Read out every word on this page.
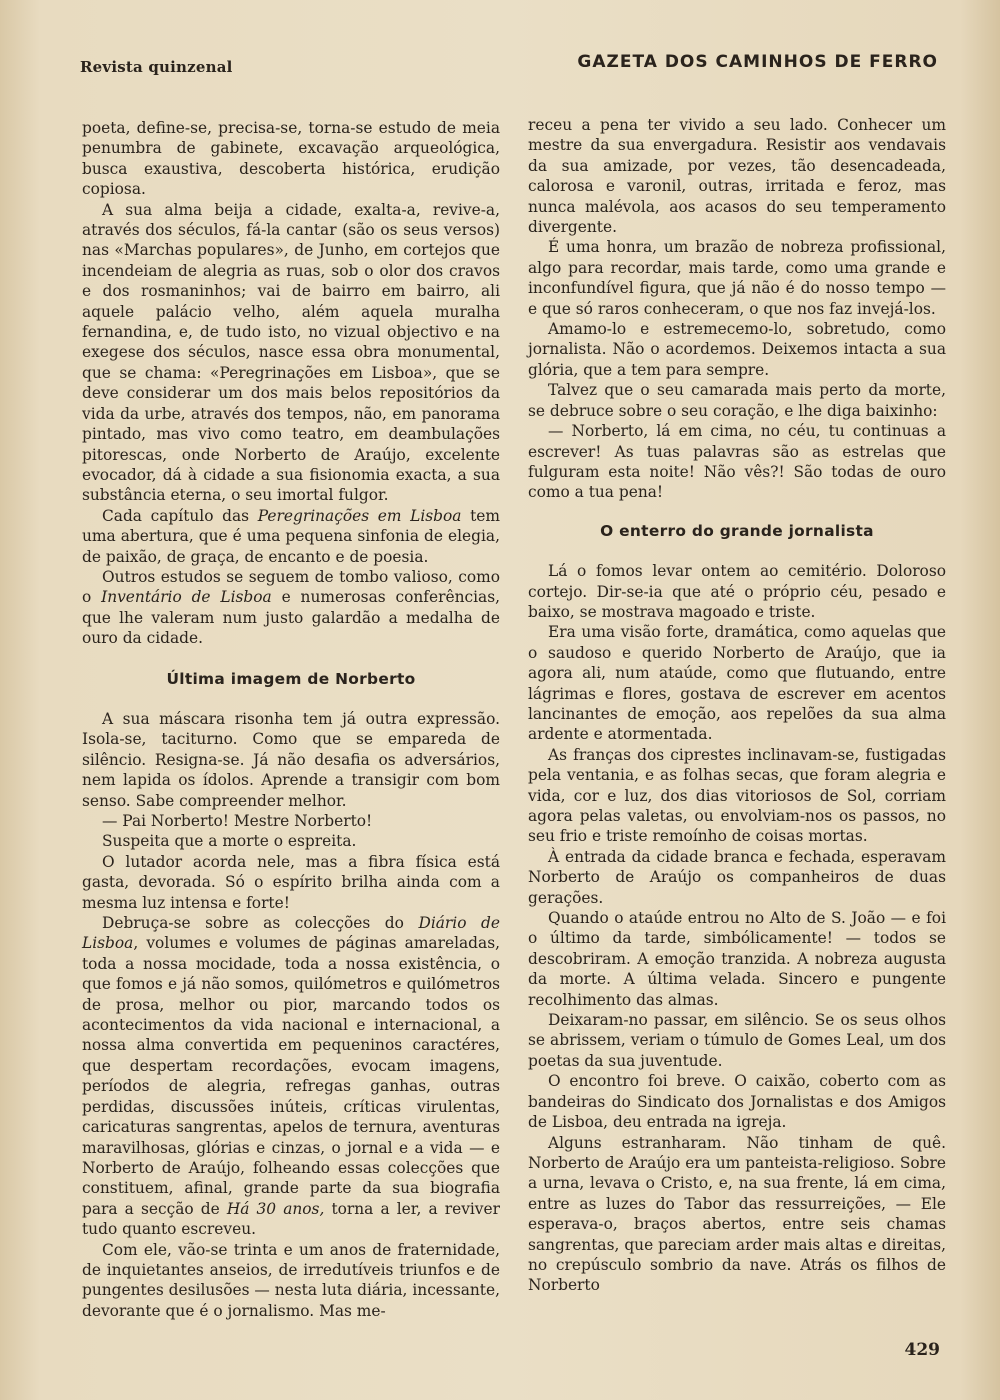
Revista quinzenal	GAZETA DOS CAMINHOS DE FERRO

poeta, define-se, precisa-se, torna-se estudo de meia penumbra de gabinete, excavação arqueológica, busca exaustiva, descoberta histórica, erudição copiosa.

A sua alma beija a cidade, exalta-a, revive-a, através dos séculos, fá-la cantar (são os seus versos) nas «Marchas populares», de Junho, em cortejos que incendeiam de alegria as ruas, sob o olor dos cravos e dos rosmaninhos; vai de bairro em bairro, ali aquele palácio velho, além aquela muralha fernandina, e, de tudo isto, no vizual objectivo e na exegese dos séculos, nasce essa obra monumental, que se chama: «Peregrinações em Lisboa», que se deve considerar um dos mais belos repositórios da vida da urbe, através dos tempos, não, em panorama pintado, mas vivo como teatro, em deambulações pitorescas, onde Norberto de Araújo, excelente evocador, dá à cidade a sua fisionomia exacta, a sua substância eterna, o seu imortal fulgor.

Cada capítulo das Peregrinações em Lisboa tem uma abertura, que é uma pequena sinfonia de elegia, de paixão, de graça, de encanto e de poesia.

Outros estudos se seguem de tombo valioso, como o Inventário de Lisboa e numerosas conferências, que lhe valeram num justo galardão a medalha de ouro da cidade.

Última imagem de Norberto

A sua máscara risonha tem já outra expressão. Isola-se, taciturno. Como que se empareda de silêncio. Resigna-se. Já não desafia os adversários, nem lapida os ídolos. Aprende a transigir com bom senso. Sabe compreender melhor.

— Pai Norberto! Mestre Norberto!

Suspeita que a morte o espreita.

O lutador acorda nele, mas a fibra física está gasta, devorada. Só o espírito brilha ainda com a mesma luz intensa e forte!

Debruça-se sobre as colecções do Diário de Lisboa, volumes e volumes de páginas amareladas, toda a nossa mocidade, toda a nossa existência, o que fomos e já não somos, quilómetros e quilómetros de prosa, melhor ou pior, marcando todos os acontecimentos da vida nacional e internacional, a nossa alma convertida em pequeninos caractéres, que despertam recordações, evocam imagens, períodos de alegria, refregas ganhas, outras perdidas, discussões inúteis, críticas virulentas, caricaturas sangrentas, apelos de ternura, aventuras maravilhosas, glórias e cinzas, o jornal e a vida — e Norberto de Araújo, folheando essas colecções que constituem, afinal, grande parte da sua biografia para a secção de Há 30 anos, torna a ler, a reviver tudo quanto escreveu.

Com ele, vão-se trinta e um anos de fraternidade, de inquietantes anseios, de irredutíveis triunfos e de pungentes desilusões — nesta luta diária, incessante, devorante que é o jornalismo. Mas me-

receu a pena ter vivido a seu lado. Conhecer um mestre da sua envergadura. Resistir aos vendavais da sua amizade, por vezes, tão desencadeada, calorosa e varonil, outras, irritada e feroz, mas nunca malévola, aos acasos do seu temperamento divergente.

É uma honra, um brazão de nobreza profissional, algo para recordar, mais tarde, como uma grande e inconfundível figura, que já não é do nosso tempo — e que só raros conheceram, o que nos faz invejá-los.

Amamo-lo e estremecemo-lo, sobretudo, como jornalista. Não o acordemos. Deixemos intacta a sua glória, que a tem para sempre.

Talvez que o seu camarada mais perto da morte, se debruce sobre o seu coração, e lhe diga baixinho:

— Norberto, lá em cima, no céu, tu continuas a escrever! As tuas palavras são as estrelas que fulguram esta noite! Não vês?! São todas de ouro como a tua pena!

O enterro do grande jornalista

Lá o fomos levar ontem ao cemitério. Doloroso cortejo. Dir-se-ia que até o próprio céu, pesado e baixo, se mostrava magoado e triste.

Era uma visão forte, dramática, como aquelas que o saudoso e querido Norberto de Araújo, que ia agora ali, num ataúde, como que flutuando, entre lágrimas e flores, gostava de escrever em acentos lancinantes de emoção, aos repelões da sua alma ardente e atormentada.

As franças dos ciprestes inclinavam-se, fustigadas pela ventania, e as folhas secas, que foram alegria e vida, cor e luz, dos dias vitoriosos de Sol, corriam agora pelas valetas, ou envolviam-nos os passos, no seu frio e triste remoínho de coisas mortas.

À entrada da cidade branca e fechada, esperavam Norberto de Araújo os companheiros de duas gerações.

Quando o ataúde entrou no Alto de S. João — e foi o último da tarde, simbólicamente! — todos se descobriram. A emoção tranzida. A nobreza augusta da morte. A última velada. Sincero e pungente recolhimento das almas.

Deixaram-no passar, em silêncio. Se os seus olhos se abrissem, veriam o túmulo de Gomes Leal, um dos poetas da sua juventude.

O encontro foi breve. O caixão, coberto com as bandeiras do Sindicato dos Jornalistas e dos Amigos de Lisboa, deu entrada na igreja.

Alguns estranharam. Não tinham de quê. Norberto de Araújo era um panteista-religioso. Sobre a urna, levava o Cristo, e, na sua frente, lá em cima, entre as luzes do Tabor das ressurreições, — Ele esperava-o, braços abertos, entre seis chamas sangrentas, que pareciam arder mais altas e direitas, no crepúsculo sombrio da nave. Atrás os filhos de Norberto

429
